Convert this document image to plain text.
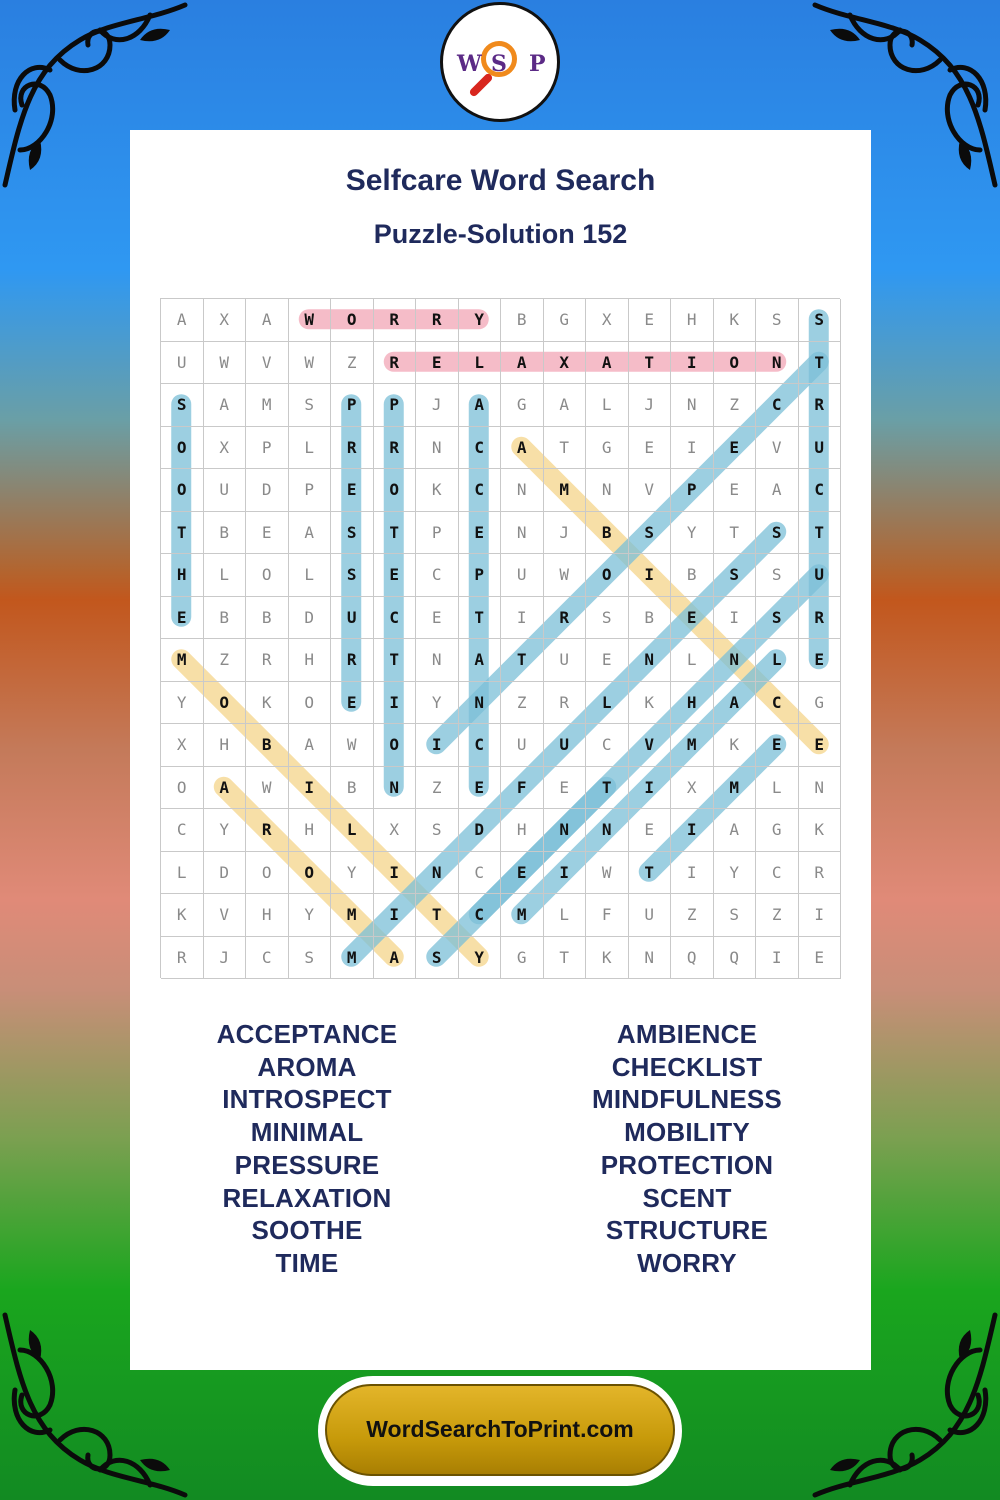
W S P
Selfcare Word Search
Puzzle-Solution 152
A	X	A	W	O	R	R	Y	B	G	X	E	H	K	S	S
U	W	V	W	Z	R	E	L	A	X	A	T	I	O	N	T
S	A	M	S	P	P	J	A	G	A	L	J	N	Z	C	R
O	X	P	L	R	R	N	C	A	T	G	E	I	E	V	U
O	U	D	P	E	O	K	C	N	M	N	V	P	E	A	C
T	B	E	A	S	T	P	E	N	J	B	S	Y	T	S	T
H	L	O	L	S	E	C	P	U	W	O	I	B	S	S	U
E	B	B	D	U	C	E	T	I	R	S	B	E	I	S	R
M	Z	R	H	R	T	N	A	T	U	E	N	L	N	L	E
Y	O	K	O	E	I	Y	N	Z	R	L	K	H	A	C	G
X	H	B	A	W	O	I	C	U	U	C	V	M	K	E	E
O	A	W	I	B	N	Z	E	F	E	T	I	X	M	L	N
C	Y	R	H	L	X	S	D	H	N	N	E	I	A	G	K
L	D	O	O	Y	I	N	C	E	I	W	T	I	Y	C	R
K	V	H	Y	M	I	T	C	M	L	F	U	Z	S	Z	I
R	J	C	S	M	A	S	Y	G	T	K	N	Q	Q	I	E
ACCEPTANCE
AROMA
INTROSPECT
MINIMAL
PRESSURE
RELAXATION
SOOTHE
TIME
AMBIENCE
CHECKLIST
MINDFULNESS
MOBILITY
PROTECTION
SCENT
STRUCTURE
WORRY
WordSearchToPrint.com
